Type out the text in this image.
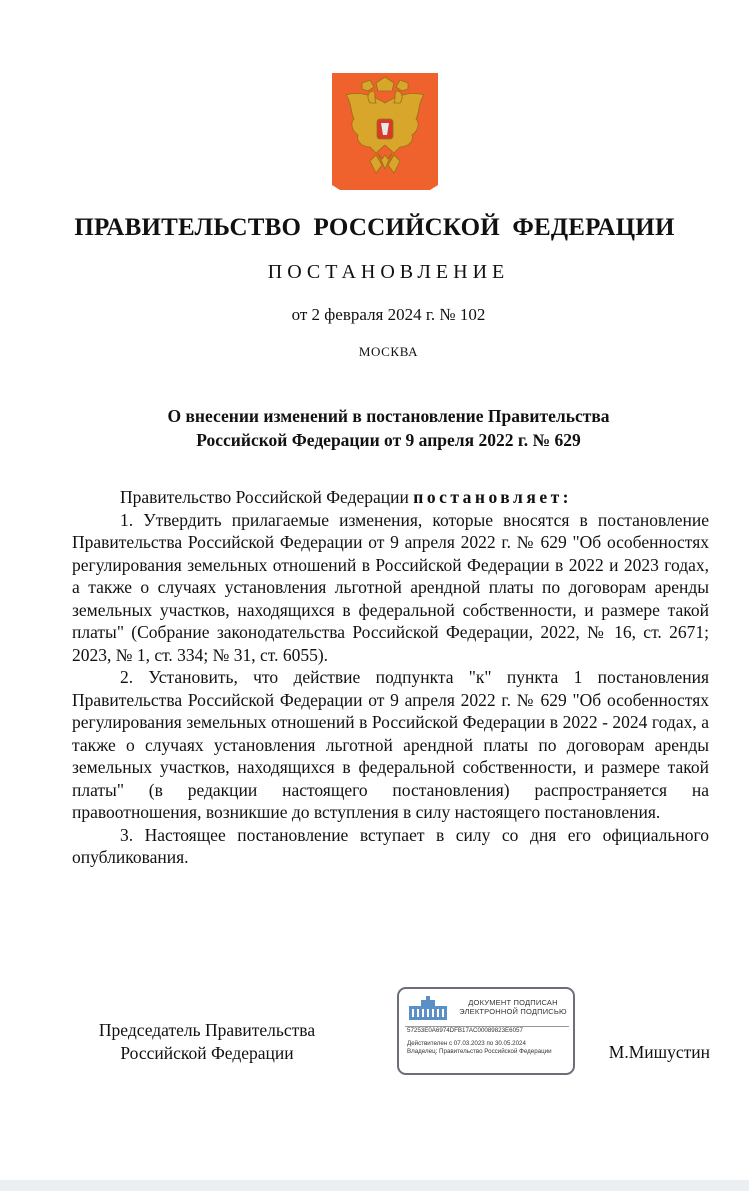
ПРАВИТЕЛЬСТВО РОССИЙСКОЙ ФЕДЕРАЦИИ
ПОСТАНОВЛЕНИЕ
от 2 февраля 2024 г. № 102
МОСКВА
О внесении изменений в постановление Правительства
Российской Федерации от 9 апреля 2022 г. № 629

Правительство Российской Федерации постановляет:

1. Утвердить прилагаемые изменения, которые вносятся в постановление Правительства Российской Федерации от 9 апреля 2022 г. № 629 "Об особенностях регулирования земельных отношений в Российской Федерации в 2022 и 2023 годах, а также о случаях установления льготной арендной платы по договорам аренды земельных участков, находящихся в федеральной собственности, и размере такой платы" (Собрание законодательства Российской Федерации, 2022, № 16, ст. 2671; 2023, № 1, ст. 334; № 31, ст. 6055).

2. Установить, что действие подпункта "к" пункта 1 постановления Правительства Российской Федерации от 9 апреля 2022 г. № 629 "Об особенностях регулирования земельных отношений в Российской Федерации в 2022 - 2024 годах, а также о случаях установления льготной арендной платы по договорам аренды земельных участков, находящихся в федеральной собственности, и размере такой платы" (в редакции настоящего постановления) распространяется на правоотношения, возникшие до вступления в силу настоящего постановления.

3. Настоящее постановление вступает в силу со дня его официального опубликования.

Председатель Правительства
Российской Федерации
ДОКУМЕНТ ПОДПИСАН
ЭЛЕКТРОННОЙ ПОДПИСЬЮ
57253E0A6974DFB17AC00089823E6057
Действителен с 07.03.2023 по 30.05.2024
Владелец: Правительство Российской Федерации	М.Мишустин
